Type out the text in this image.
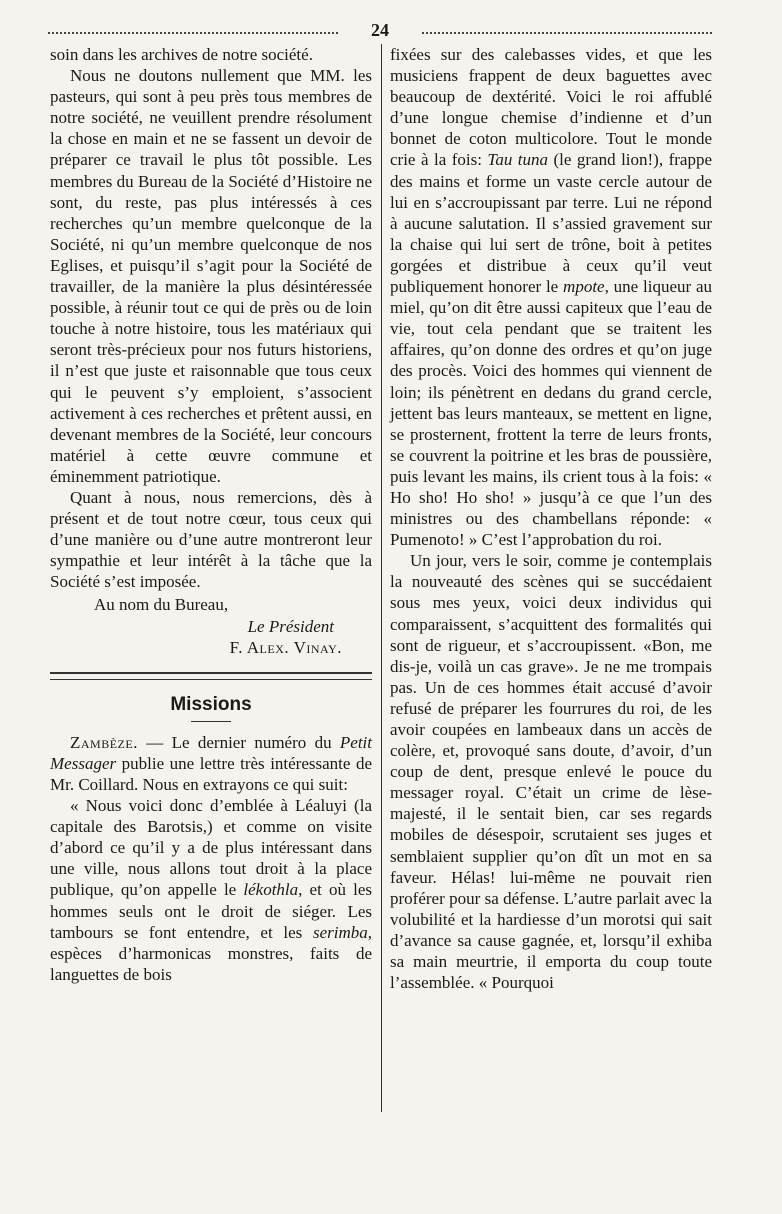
24

soin dans les archives de notre société.

Nous ne doutons nullement que MM. les pasteurs, qui sont à peu près tous membres de notre société, ne veuillent prendre résolument la chose en main et ne se fassent un devoir de préparer ce travail le plus tôt possible. Les membres du Bureau de la Société d’Histoire ne sont, du reste, pas plus intéressés à ces recherches qu’un membre quelconque de la Société, ni qu’un membre quelconque de nos Eglises, et puisqu’il s’agit pour la Société de travailler, de la manière la plus désintéressée possible, à réunir tout ce qui de près ou de loin touche à notre histoire, tous les matériaux qui seront très-précieux pour nos futurs historiens, il n’est que juste et raisonnable que tous ceux qui le peuvent s’y emploient, s’associent activement à ces recherches et prêtent aussi, en devenant membres de la Société, leur concours matériel à cette œuvre commune et éminemment patriotique.

Quant à nous, nous remercions, dès à présent et de tout notre cœur, tous ceux qui d’une manière ou d’une autre montreront leur sympathie et leur intérêt à la tâche que la Société s’est imposée.

Au nom du Bureau,

Le Président

F. Alex. Vinay.

Missions

Zambèze. — Le dernier numéro du Petit Messager publie une lettre très intéressante de Mr. Coillard. Nous en extrayons ce qui suit:

« Nous voici donc d’emblée à Léaluyi (la capitale des Barotsis,) et comme on visite d’abord ce qu’il y a de plus intéressant dans une ville, nous allons tout droit à la place publique, qu’on appelle le lékothla, et où les hommes seuls ont le droit de siéger. Les tambours se font entendre, et les serimba, espèces d’harmonicas monstres, faits de languettes de bois

fixées sur des calebasses vides, et que les musiciens frappent de deux baguettes avec beaucoup de dextérité. Voici le roi affublé d’une longue chemise d’indienne et d’un bonnet de coton multicolore. Tout le monde crie à la fois: Tau tuna (le grand lion!), frappe des mains et forme un vaste cercle autour de lui en s’accroupissant par terre. Lui ne répond à aucune salutation. Il s’assied gravement sur la chaise qui lui sert de trône, boit à petites gorgées et distribue à ceux qu’il veut publiquement honorer le mpote, une liqueur au miel, qu’on dit être aussi capiteux que l’eau de vie, tout cela pendant que se traitent les affaires, qu’on donne des ordres et qu’on juge des procès. Voici des hommes qui viennent de loin; ils pénètrent en dedans du grand cercle, jettent bas leurs manteaux, se mettent en ligne, se prosternent, frottent la terre de leurs fronts, se couvrent la poitrine et les bras de poussière, puis levant les mains, ils crient tous à la fois: « Ho sho! Ho sho! » jusqu’à ce que l’un des ministres ou des chambellans réponde: « Pumenoto! » C’est l’approbation du roi.

Un jour, vers le soir, comme je contemplais la nouveauté des scènes qui se succédaient sous mes yeux, voici deux individus qui comparaissent, s’acquittent des formalités qui sont de rigueur, et s’accroupissent. «Bon, me dis-je, voilà un cas grave». Je ne me trompais pas. Un de ces hommes était accusé d’avoir refusé de préparer les fourrures du roi, de les avoir coupées en lambeaux dans un accès de colère, et, provoqué sans doute, d’avoir, d’un coup de dent, presque enlevé le pouce du messager royal. C’était un crime de lèse-majesté, il le sentait bien, car ses regards mobiles de désespoir, scrutaient ses juges et semblaient supplier qu’on dît un mot en sa faveur. Hélas! lui-même ne pouvait rien proférer pour sa défense. L’autre parlait avec la volubilité et la hardiesse d’un morotsi qui sait d’avance sa cause gagnée, et, lorsqu’il exhiba sa main meurtrie, il emporta du coup toute l’assemblée. « Pourquoi
